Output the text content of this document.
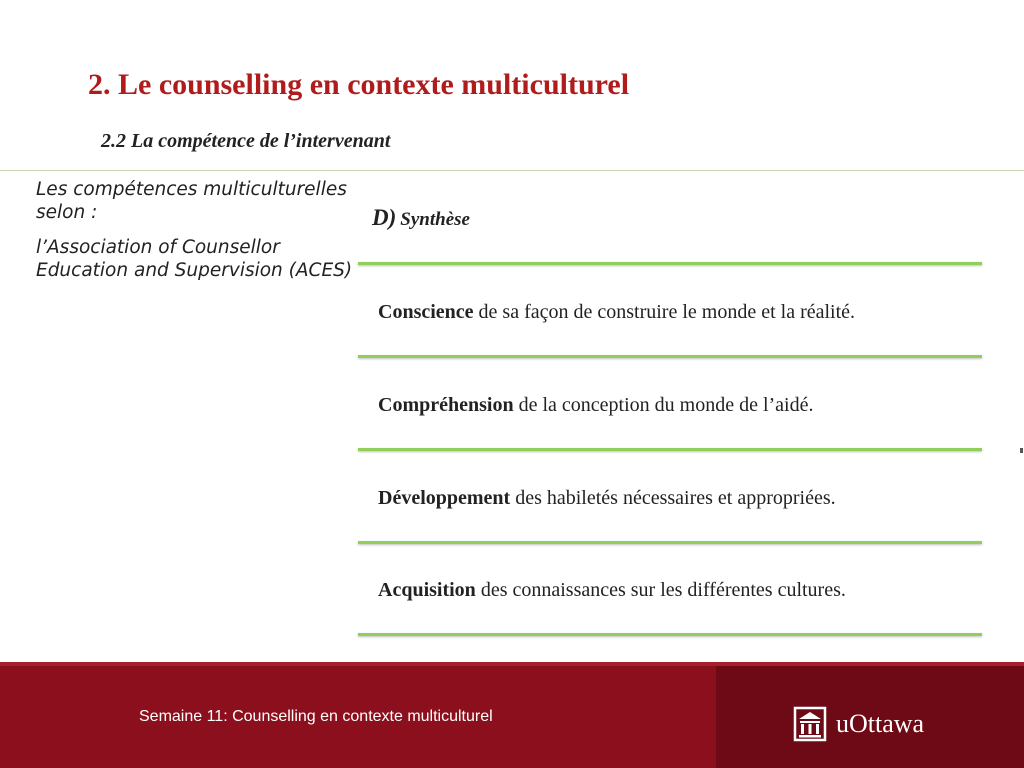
2. Le counselling en contexte multiculturel
2.2 La compétence de l’intervenant

Les compétences multiculturelles selon :

l’Association of Counsellor Education and Supervision (ACES)

D) Synthèse
Conscience de sa façon de construire le monde et la réalité.
Compréhension de la conception du monde de l’aidé.
Développement des habiletés nécessaires et appropriées.
Acquisition des connaissances sur les différentes cultures.
Semaine 11: Counselling en contexte multiculturel	uOttawa
